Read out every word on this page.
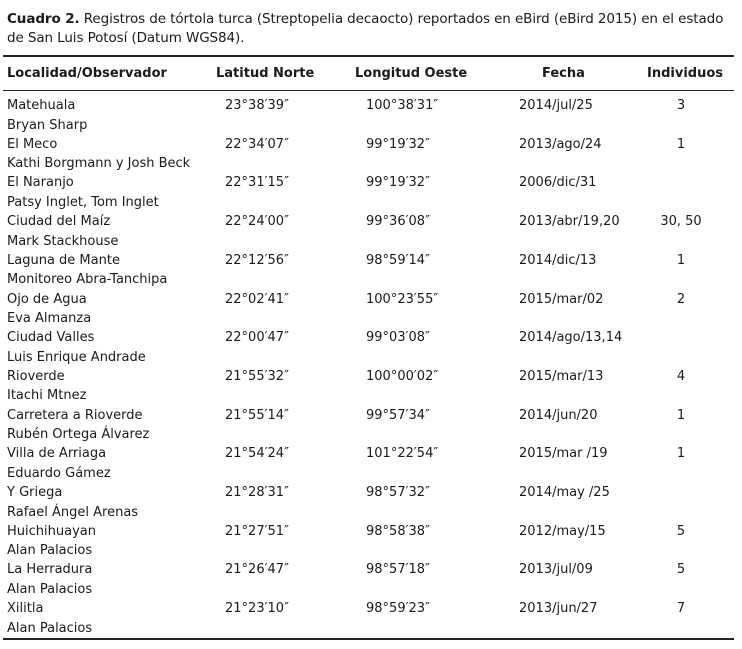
Cuadro 2. Registros de tórtola turca (Streptopelia decaocto) reportados en eBird (eBird 2015) en el estado de San Luis Potosí (Datum WGS84).
Localidad/Observador	Latitud Norte	Longitud Oeste	Fecha	Individuos
Matehuala
Bryan Sharp
23°38′39″	100°38′31″	2014/jul/25	3
El Meco
Kathi Borgmann y Josh Beck
22°34′07″	99°19′32″	2013/ago/24	1
El Naranjo
Patsy Inglet, Tom Inglet
22°31′15″	99°19′32″	2006/dic/31
Ciudad del Maíz
Mark Stackhouse
22°24′00″	99°36′08″	2013/abr/19,20	30, 50
Laguna de Mante
Monitoreo Abra-Tanchipa
22°12′56″	98°59′14″	2014/dic/13	1
Ojo de Agua
Eva Almanza
22°02′41″	100°23′55″	2015/mar/02	2
Ciudad Valles
Luis Enrique Andrade
22°00′47″	99°03′08″	2014/ago/13,14
Rioverde
Itachi Mtnez
21°55′32″	100°00′02″	2015/mar/13	4
Carretera a Rioverde
Rubén Ortega Álvarez
21°55′14″	99°57′34″	2014/jun/20	1
Villa de Arriaga
Eduardo Gámez
21°54′24″	101°22′54″	2015/mar /19	1
Y Griega
Rafael Ángel Arenas
21°28′31″	98°57′32″	2014/may /25
Huichihuayan
Alan Palacios
21°27′51″	98°58′38″	2012/may/15	5
La Herradura
Alan Palacios
21°26′47″	98°57′18″	2013/jul/09	5
Xilitla
Alan Palacios
21°23′10″	98°59′23″	2013/jun/27	7
